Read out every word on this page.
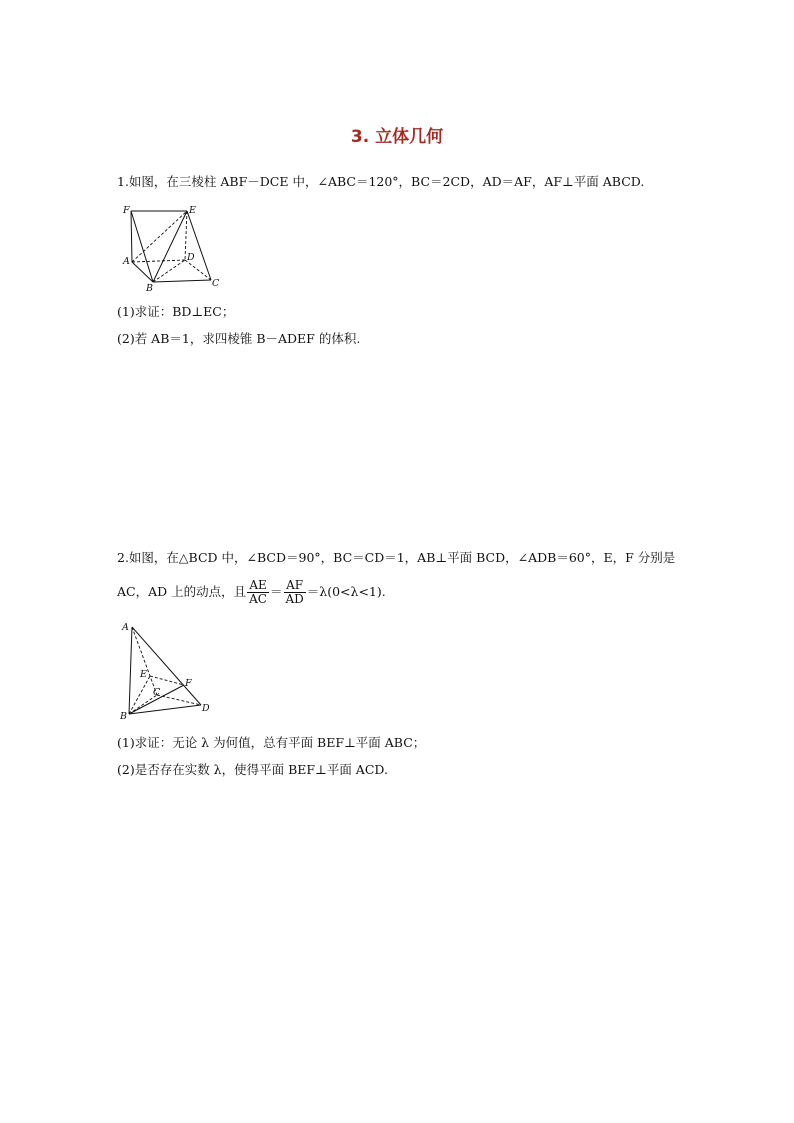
3. 立体几何
1.如图，在三棱柱 ABF－DCE 中，∠ABC＝120°，BC＝2CD，AD＝AF，AF⊥平面 ABCD.
F	E
A	D
B	C
(1)求证：BD⊥EC；
(2)若 AB＝1，求四棱锥 B－ADEF 的体积.
2.如图，在△BCD 中，∠BCD＝90°，BC＝CD＝1，AB⊥平面 BCD，∠ADB＝60°，E，F 分别是
AC，AD 上的动点，且 $\frac{AE}{AC} = \frac{AF}{AD} =\lambda(0<\lambda<1)$.
A
E
F
C
B
D
(1)求证：无论 λ 为何值，总有平面 BEF⊥平面 ABC；
(2)是否存在实数 λ，使得平面 BEF⊥平面 ACD.
